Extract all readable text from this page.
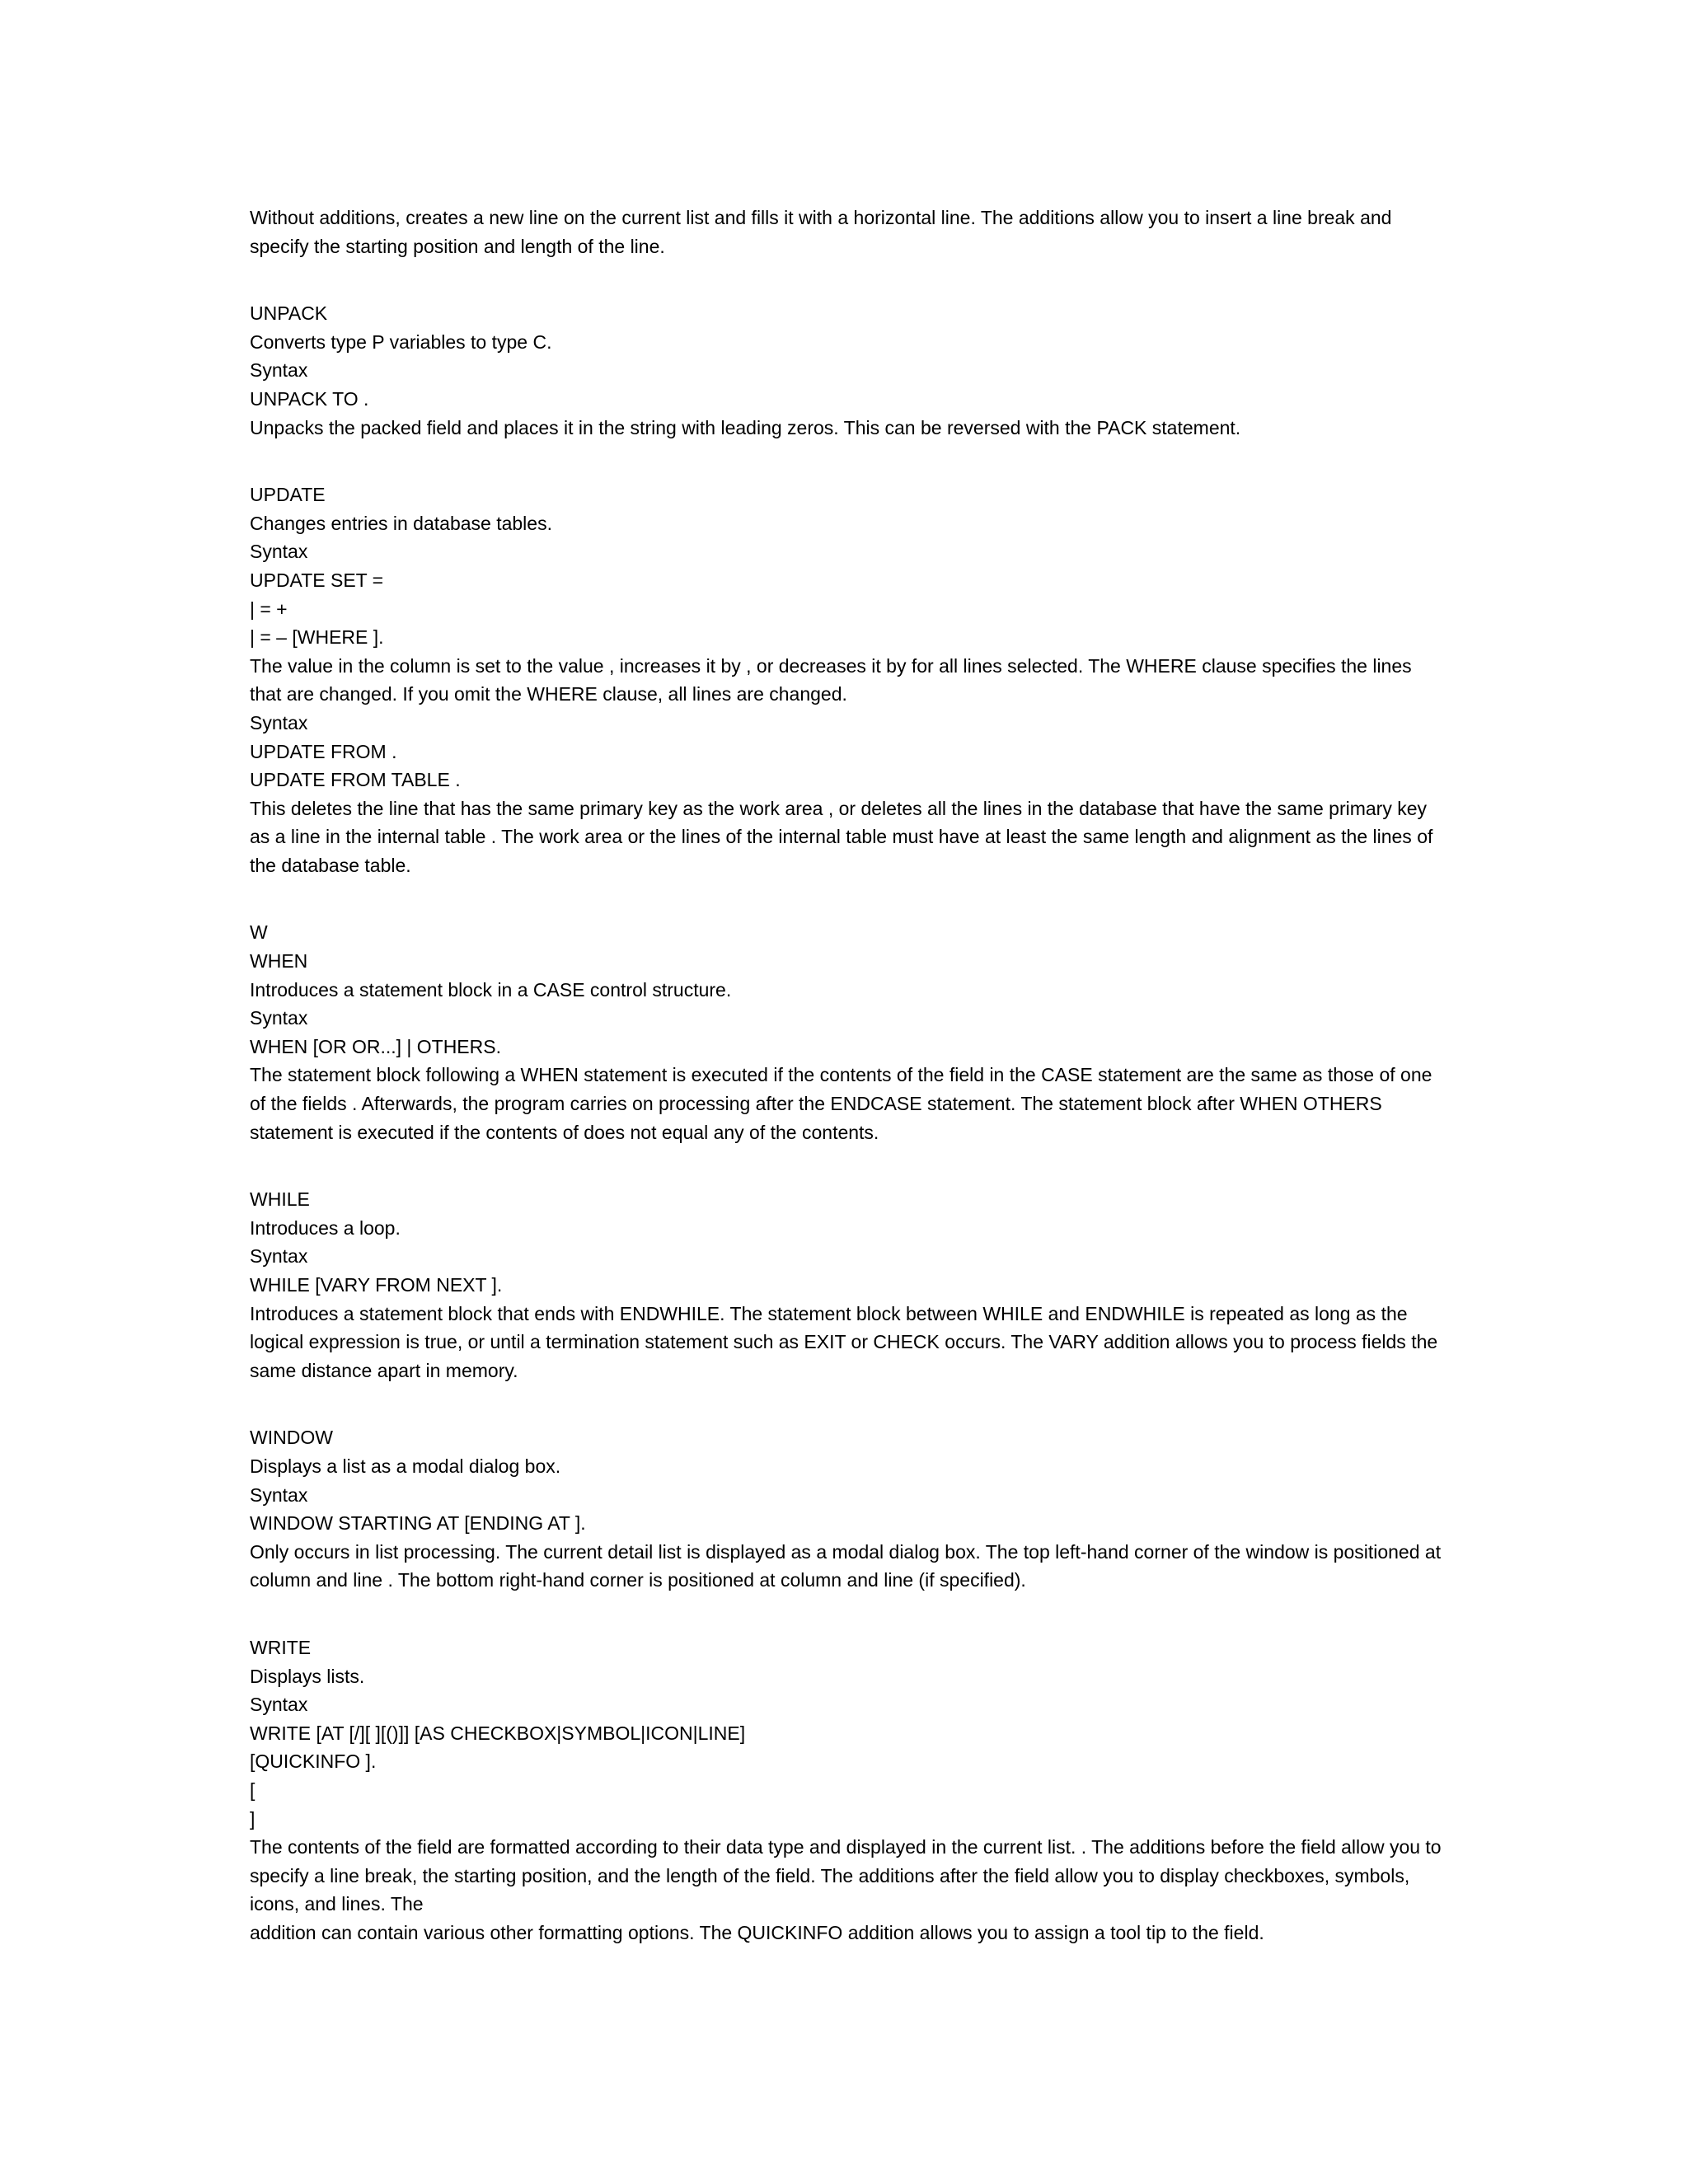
Without additions, creates a new line on the current list and fills it with a horizontal line. The additions allow you to insert a line break and specify the starting position and length of the line.

UNPACK
Converts type P variables to type C.
Syntax
UNPACK TO .

Unpacks the packed field and places it in the string with leading zeros. This can be reversed with the PACK statement.

UPDATE
Changes entries in database tables.
Syntax
UPDATE SET =
| = +
| = – [WHERE ].

The value in the column is set to the value , increases it by , or decreases it by for all lines selected. The WHERE clause specifies the lines that are changed. If you omit the WHERE clause, all lines are changed.

Syntax
UPDATE FROM .
UPDATE FROM TABLE .

This deletes the line that has the same primary key as the work area , or deletes all the lines in the database that have the same primary key as a line in the internal table . The work area or the lines of the internal table must have at least the same length and alignment as the lines of the database table.

W
WHEN
Introduces a statement block in a CASE control structure.
Syntax
WHEN [OR OR...] | OTHERS.

The statement block following a WHEN statement is executed if the contents of the field in the CASE statement are the same as those of one of the fields . Afterwards, the program carries on processing after the ENDCASE statement. The statement block after WHEN OTHERS statement is executed if the contents of does not equal any of the contents.

WHILE
Introduces a loop.
Syntax
WHILE [VARY FROM NEXT ].

Introduces a statement block that ends with ENDWHILE. The statement block between WHILE and ENDWHILE is repeated as long as the logical expression is true, or until a termination statement such as EXIT or CHECK occurs. The VARY addition allows you to process fields the same distance apart in memory.

WINDOW
Displays a list as a modal dialog box.
Syntax
WINDOW STARTING AT [ENDING AT ].

Only occurs in list processing. The current detail list is displayed as a modal dialog box. The top left-hand corner of the window is positioned at column and line . The bottom right-hand corner is positioned at column and line (if specified).

WRITE
Displays lists.
Syntax
WRITE [AT [/][ ][()]] [AS CHECKBOX|SYMBOL|ICON|LINE]
[QUICKINFO ].
[
]

The contents of the field are formatted according to their data type and displayed in the current list. . The additions before the field allow you to specify a line break, the starting position, and the length of the field. The additions after the field allow you to display checkboxes, symbols, icons, and lines. The

addition can contain various other formatting options. The QUICKINFO addition allows you to assign a tool tip to the field.
